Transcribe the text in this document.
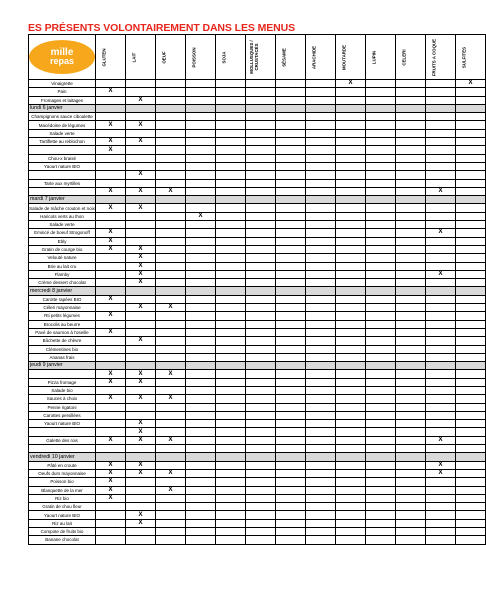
ES PRÉSENTS VOLONTAIREMENT DANS LES MENUS
mille
repas	GLUTEN	LAIT	OEUF	POISSON	SOJA	MOLLUSQUES / CRUSTACÉS	SÉSAME	ARACHIDE	MOUTARDE	LUPIN	CELERI	FRUITS A COQUE	SULFITES

Vinaigrette									X				X
Pain	X												
Fromages et laitages		X											
lundi 6 janvier													
Champignons sauce ciboulette													
Macédoine de légumes	X	X											
Salade verte													
Tartiflette au reblochon	X	X											
	X												
Chou-x braisé													
Yaourt nature BIO													
		X											
Tarte aux myrtilles													
	X	X	X									X	
mardi 7 janvier													
Salade de mâche crouton et noix	X	X											
Haricots verts au thon				X									
Salade verte													
Emincé de boeuf Strogonoff	X											X	
Ebly	X												
Gratin de courge bio	X	X											
Velouté nature		X											
Brie au lait cru		X											
Flamby		X										X	
Crème dessert chocolat		X											
mercredi 8 janvier													
Carotte rapées BIO	X												
Céleri mayonnaise		X	X										
Rti petits légumes	X												
Brocolis au beurre													
Pavé de saumon à l'oseille	X												
Bûchette de chèvre		X											
Clémentines bio													
Ananas frais													
jeudi 9 janvier													
	X	X	X										
Pizza fromage	X	X											
Salade bio													
Sauces à choix	X	X	X										
Penne rigatoni													
Carottes persillées													
Yaourt nature BIO		X											
		X											
Galette des rois	X	X	X									X	

vendredi 10 janvier													
Pâté en croute	X	X										X	
Oeufs durs mayonnaise	X	X	X									X	
Poisson bio	X												
Blanquette de la mer	X		X										
Riz bio	X												
Gratin de chou fleur													
Yaourt nature BIO		X											
Riz au lait		X											
Compote de fruits bio													
Banane chocolat													
